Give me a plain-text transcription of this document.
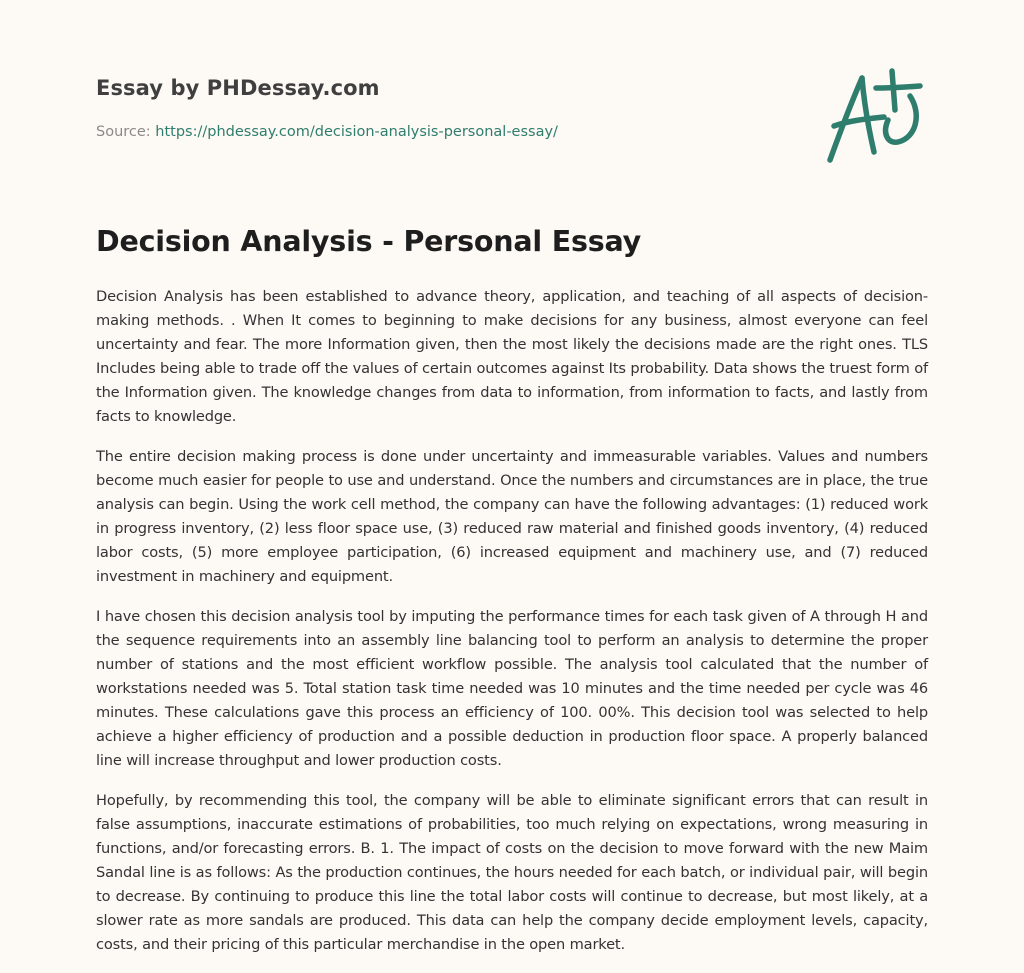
Essay by PHDessay.com
Source: https://phdessay.com/decision-analysis-personal-essay/
Decision Analysis - Personal Essay

Decision Analysis has been established to advance theory, application, and teaching of all aspects of decision-making methods. . When It comes to beginning to make decisions for any business, almost everyone can feel uncertainty and fear. The more Information given, then the most likely the decisions made are the right ones. TLS Includes being able to trade off the values of certain outcomes against Its probability. Data shows the truest form of the Information given. The knowledge changes from data to information, from information to facts, and lastly from facts to knowledge.

The entire decision making process is done under uncertainty and immeasurable variables. Values and numbers become much easier for people to use and understand. Once the numbers and circumstances are in place, the true analysis can begin. Using the work cell method, the company can have the following advantages: (1) reduced work in progress inventory, (2) less floor space use, (3) reduced raw material and finished goods inventory, (4) reduced labor costs, (5) more employee participation, (6) increased equipment and machinery use, and (7) reduced investment in machinery and equipment.

I have chosen this decision analysis tool by imputing the performance times for each task given of A through H and the sequence requirements into an assembly line balancing tool to perform an analysis to determine the proper number of stations and the most efficient workflow possible. The analysis tool calculated that the number of workstations needed was 5. Total station task time needed was 10 minutes and the time needed per cycle was 46 minutes. These calculations gave this process an efficiency of 100. 00%. This decision tool was selected to help achieve a higher efficiency of production and a possible deduction in production floor space. A properly balanced line will increase throughput and lower production costs.

Hopefully, by recommending this tool, the company will be able to eliminate significant errors that can result in false assumptions, inaccurate estimations of probabilities, too much relying on expectations, wrong measuring in functions, and/or forecasting errors. B. 1. The impact of costs on the decision to move forward with the new Maim Sandal line is as follows: As the production continues, the hours needed for each batch, or individual pair, will begin to decrease. By continuing to produce this line the total labor costs will continue to decrease, but most likely, at a slower rate as more sandals are produced. This data can help the company decide employment levels, capacity, costs, and their pricing of this particular merchandise in the open market.
